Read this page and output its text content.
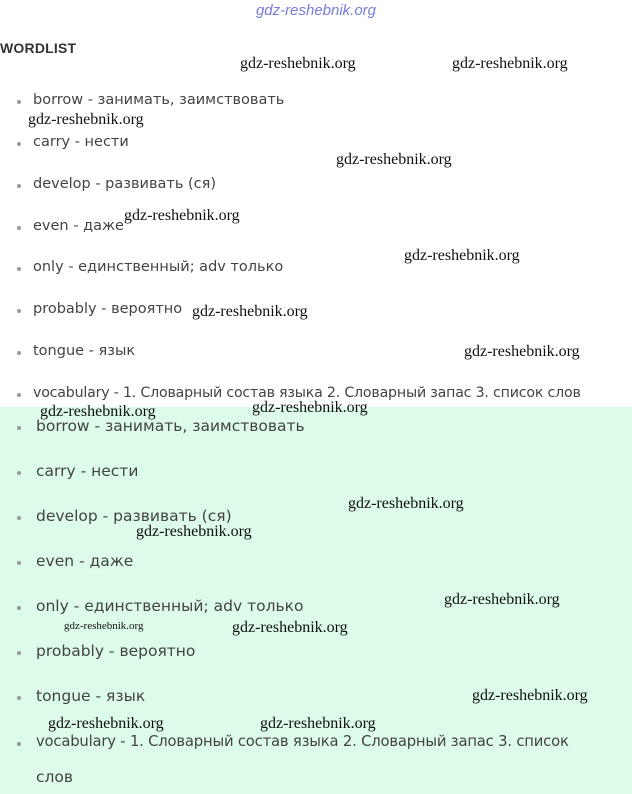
gdz-reshebnik.org
WORDLIST
borrow - занимать, заимствовать
carry - нести
develop - развивать (ся)
even - даже
only - единственный; adv только
probably - вероятно
tongue - язык
vocabulary - 1. Словарный состав языка 2. Словарный запас 3. список слов
borrow - занимать, заимствовать
carry - нести
develop - развивать (ся)
even - даже
only - единственный; adv только
probably - вероятно
tongue - язык
vocabulary - 1. Словарный состав языка 2. Словарный запас 3. список
слов
gdz-reshebnik.org	gdz-reshebnik.org
gdz-reshebnik.org
gdz-reshebnik.org
gdz-reshebnik.org
gdz-reshebnik.org
gdz-reshebnik.org
gdz-reshebnik.org
gdz-reshebnik.org	gdz-reshebnik.org
gdz-reshebnik.org
gdz-reshebnik.org
gdz-reshebnik.org
gdz-reshebnik.org	gdz-reshebnik.org
gdz-reshebnik.org
gdz-reshebnik.org	gdz-reshebnik.org
